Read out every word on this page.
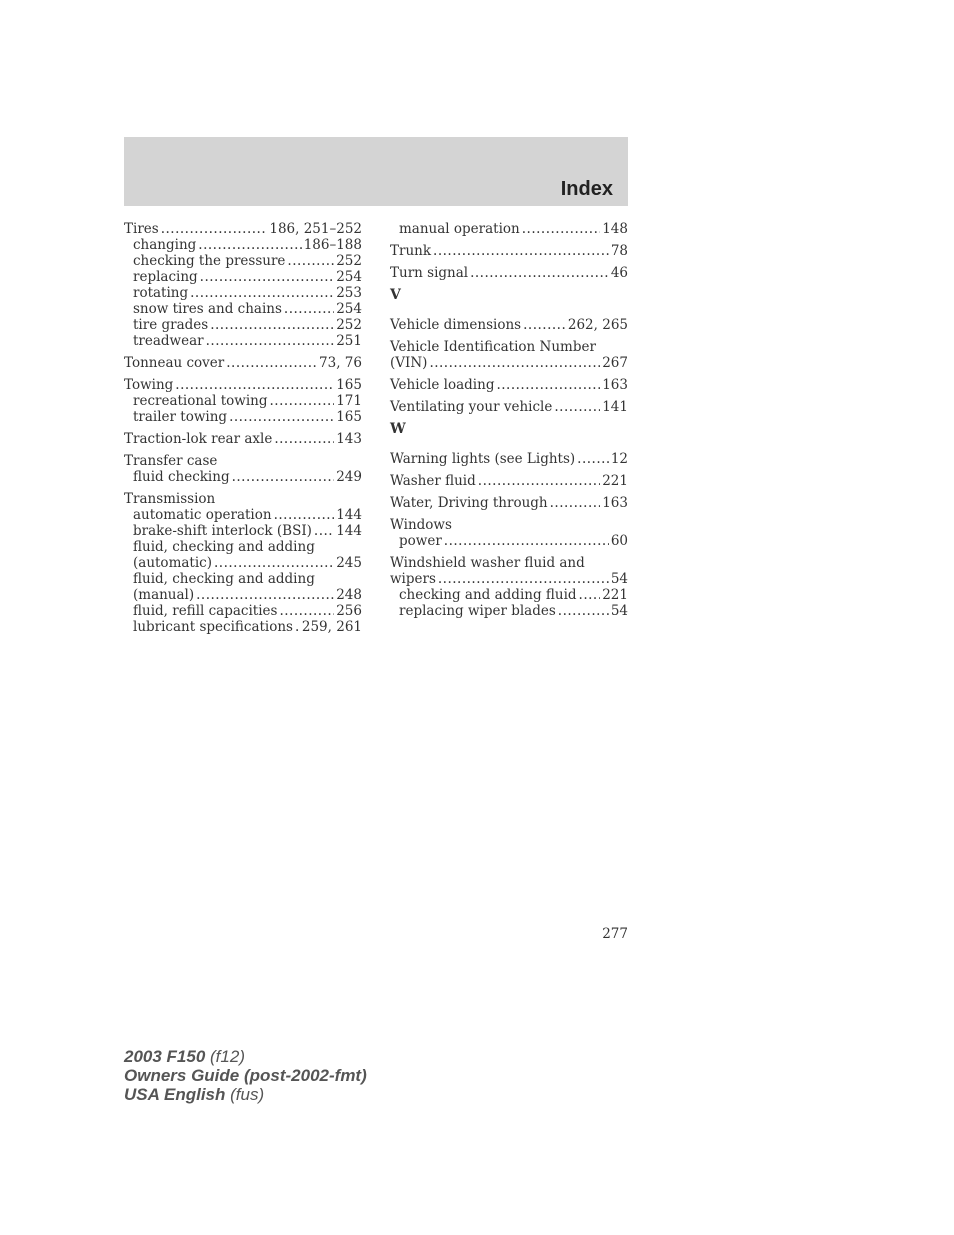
Index
Tires .....	186, 251–252
changing .....	186–188
checking the pressure .....	252
replacing .....	254
rotating .....	253
snow tires and chains .....	254
tire grades .....	252
treadwear .....	251
Tonneau cover .....	73, 76
Towing .....	165
recreational towing .....	171
trailer towing .....	165
Traction-lok rear axle .....	143
Transfer case
fluid checking .....	249
Transmission
automatic operation .....	144
brake-shift interlock (BSI) ..... 144
fluid, checking and adding
(automatic) .....	245
fluid, checking and adding
(manual) .....	248
fluid, refill capacities .....	256
lubricant specifications ..... 259, 261
manual operation .....	148
Trunk .....	78
Turn signal .....	46
V
Vehicle dimensions .....	262, 265
Vehicle Identification Number
(VIN) .....	267
Vehicle loading .....	163
Ventilating your vehicle .....	141
W
Warning lights (see Lights) .....	12
Washer fluid .....	221
Water, Driving through .....	163
Windows
power .....	60
Windshield washer fluid and
wipers .....	54
checking and adding fluid ..... 221
replacing wiper blades .....	54
277
2003 F150 (f12)
Owners Guide (post-2002-fmt)
USA English (fus)
